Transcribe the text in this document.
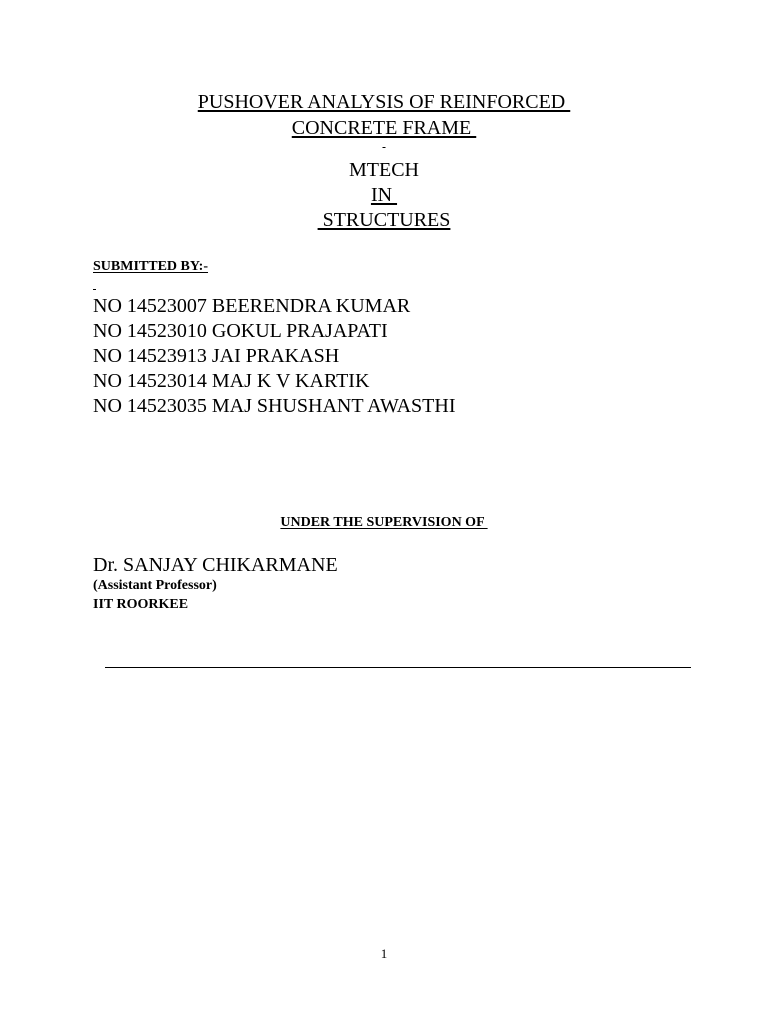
PUSHOVER ANALYSIS OF REINFORCED
CONCRETE FRAME

MTECH
IN
STRUCTURES
SUBMITTED BY:-

NO 14523007 BEERENDRA KUMAR
NO 14523010 GOKUL PRAJAPATI
NO 14523913 JAI PRAKASH
NO 14523014 MAJ K V KARTIK
NO 14523035 MAJ SHUSHANT AWASTHI
UNDER THE SUPERVISION OF
Dr. SANJAY CHIKARMANE
(Assistant Professor)
IIT ROORKEE
1
